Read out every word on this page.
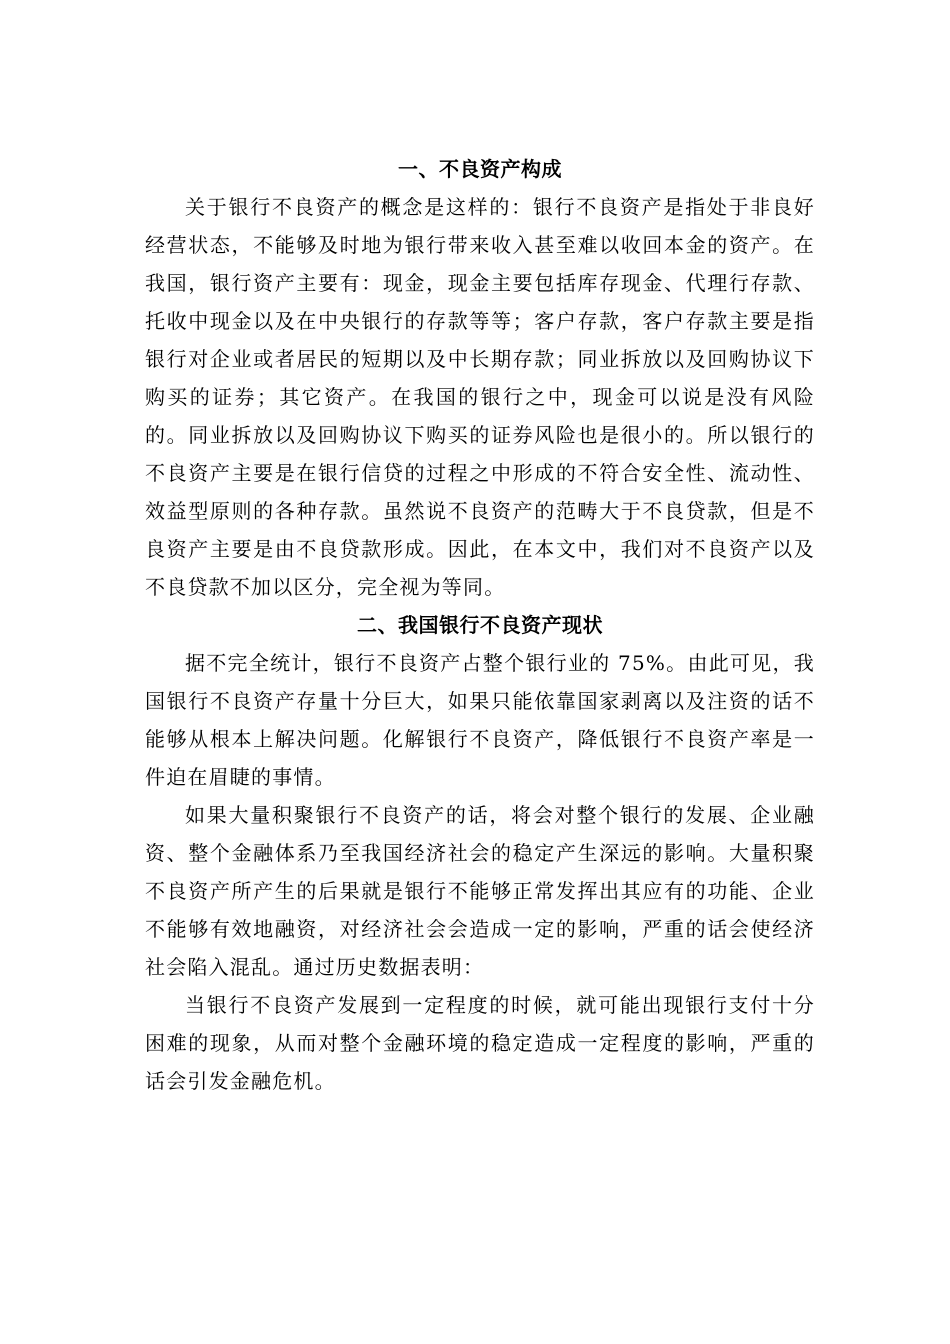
一、不良资产构成

关于银行不良资产的概念是这样的：银行不良资产是指处于非良好经营状态，不能够及时地为银行带来收入甚至难以收回本金的资产。在我国，银行资产主要有：现金，现金主要包括库存现金、代理行存款、托收中现金以及在中央银行的存款等等；客户存款，客户存款主要是指银行对企业或者居民的短期以及中长期存款；同业拆放以及回购协议下购买的证券；其它资产。在我国的银行之中，现金可以说是没有风险的。同业拆放以及回购协议下购买的证券风险也是很小的。所以银行的不良资产主要是在银行信贷的过程之中形成的不符合安全性、流动性、效益型原则的各种存款。虽然说不良资产的范畴大于不良贷款，但是不良资产主要是由不良贷款形成。因此，在本文中，我们对不良资产以及不良贷款不加以区分，完全视为等同。

二、我国银行不良资产现状

据不完全统计，银行不良资产占整个银行业的 75%。由此可见，我国银行不良资产存量十分巨大，如果只能依靠国家剥离以及注资的话不能够从根本上解决问题。化解银行不良资产，降低银行不良资产率是一件迫在眉睫的事情。

如果大量积聚银行不良资产的话，将会对整个银行的发展、企业融资、整个金融体系乃至我国经济社会的稳定产生深远的影响。大量积聚不良资产所产生的后果就是银行不能够正常发挥出其应有的功能、企业不能够有效地融资，对经济社会会造成一定的影响，严重的话会使经济社会陷入混乱。通过历史数据表明：

当银行不良资产发展到一定程度的时候，就可能出现银行支付十分困难的现象，从而对整个金融环境的稳定造成一定程度的影响，严重的话会引发金融危机。
